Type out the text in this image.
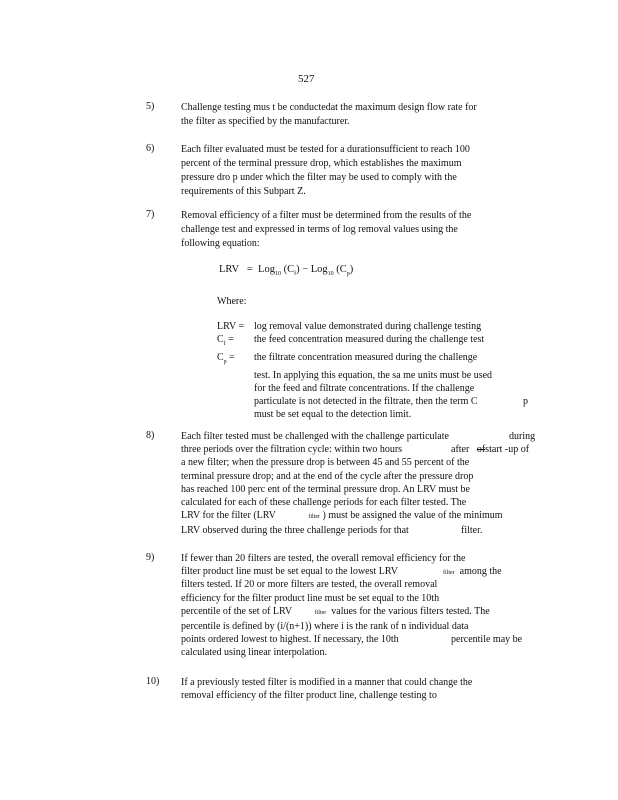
527
5)	Challenge testing mus t be conductedat the maximum design flow rate for
the filter as specified by the manufacturer.
6)	Each filter evaluated must be tested for a durationsufficient to reach 100
percent of the terminal pressure drop, which establishes the maximum
pressure dro p under which the filter may be used to comply with the
requirements of this Subpart Z.
7)	Removal efficiency of a filter must be determined from the results of the
challenge test and expressed in terms of log removal values using the
following equation:
LRV = Log$_{10}$ $(C_f) - Log_{10}$ $(C_p)$
Where:
LRV = log removal value demonstrated during challenge testing
$C_f$ =	the feed concentration measured during the challenge test
$C_p$ =	the filtrate concentration measured during the challenge
test. In applying this equation, the sa me units must be used
for the feed and filtrate concentrations. If the challenge
particulate is not detected in the filtrate, then the term C	p
must be set equal to the detection limit.
8)	Each filter tested must be challenged with the challenge particulate	during
three periods over the filtration cycle: within two hours	after ofstart -up of
a new filter; when the pressure drop is between 45 and 55 percent of the
terminal pressure drop; and at the end of the cycle after the pressure drop
has reached 100 perc ent of the terminal pressure drop. An LRV must be
calculated for each of these challenge periods for each filter tested. The
LRV for the filter (LRV	filter ) must be assigned the value of the minimum
LRV observed during the three challenge periods for that	filter.
9)	If fewer than 20 filters are tested, the overall removal efficiency for the
filter product line must be set equal to the lowest LRV	filter among the
filters tested. If 20 or more filters are tested, the overall removal
efficiency for the filter product line must be set equal to the 10th
percentile of the set of LRV	filter values for the various filters tested. The
percentile is defined by (i/(n+1)) where i is the rank of n individual data
points ordered lowest to highest. If necessary, the 10th	percentile may be
calculated using linear interpolation.
10) If a previously tested filter is modified in a manner that could change the
removal efficiency of the filter product line, challenge testing to
